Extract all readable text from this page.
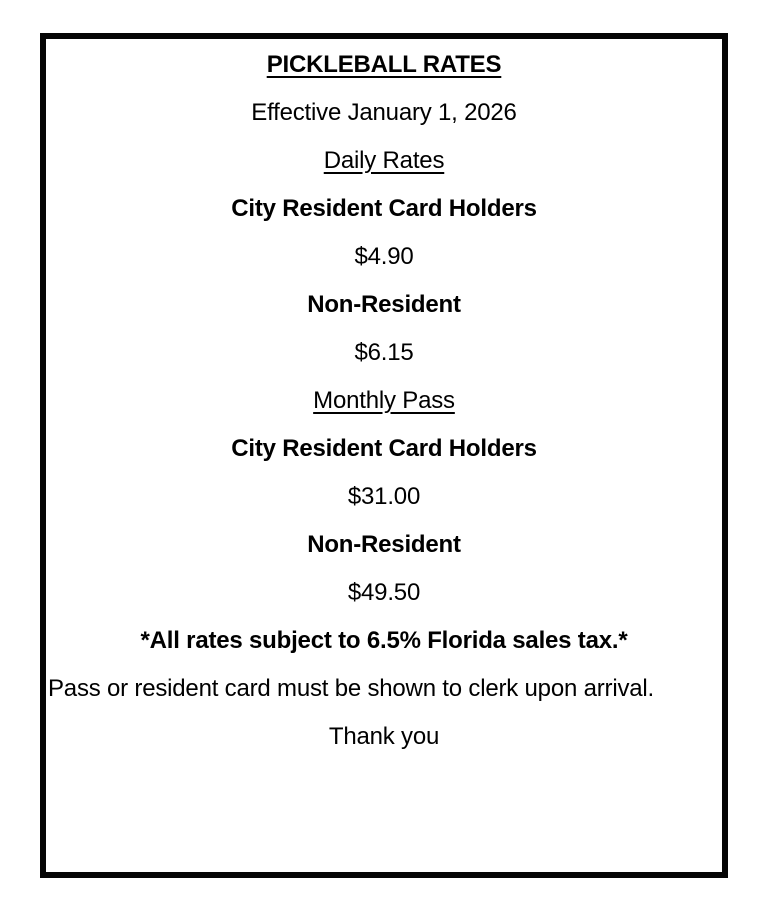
PICKLEBALL RATES

Effective January 1, 2026

Daily Rates

City Resident Card Holders

$4.90

Non-Resident

$6.15

Monthly Pass

City Resident Card Holders

$31.00

Non-Resident

$49.50

*All rates subject to 6.5% Florida sales tax.*

Pass or resident card must be shown to clerk upon arrival.

Thank you
